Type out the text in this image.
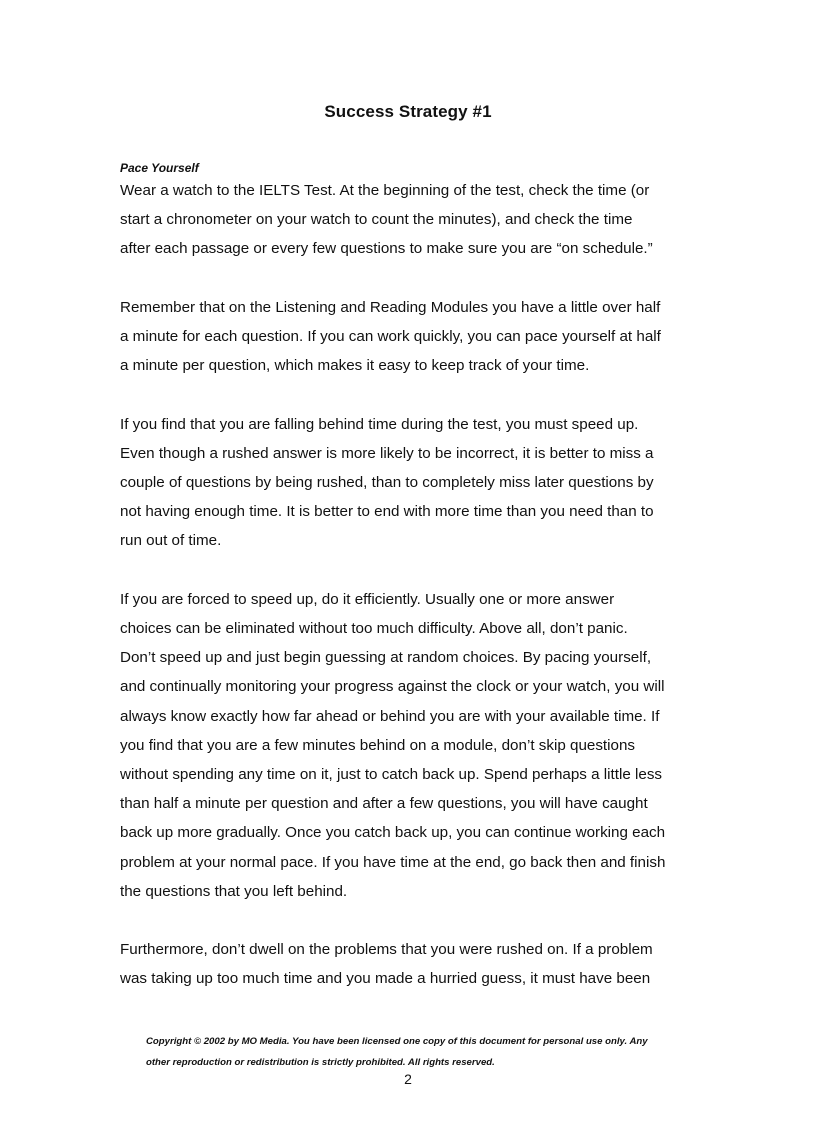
Success Strategy #1

Pace Yourself

Wear a watch to the IELTS Test. At the beginning of the test, check the time (or
start a chronometer on your watch to count the minutes), and check the time
after each passage or every few questions to make sure you are “on schedule.”

Remember that on the Listening and Reading Modules you have a little over half
a minute for each question. If you can work quickly, you can pace yourself at half
a minute per question, which makes it easy to keep track of your time.

If you find that you are falling behind time during the test, you must speed up.
Even though a rushed answer is more likely to be incorrect, it is better to miss a
couple of questions by being rushed, than to completely miss later questions by
not having enough time. It is better to end with more time than you need than to
run out of time.

If you are forced to speed up, do it efficiently. Usually one or more answer
choices can be eliminated without too much difficulty. Above all, don’t panic.
Don’t speed up and just begin guessing at random choices. By pacing yourself,
and continually monitoring your progress against the clock or your watch, you will
always know exactly how far ahead or behind you are with your available time. If
you find that you are a few minutes behind on a module, don’t skip questions
without spending any time on it, just to catch back up. Spend perhaps a little less
than half a minute per question and after a few questions, you will have caught
back up more gradually. Once you catch back up, you can continue working each
problem at your normal pace. If you have time at the end, go back then and finish
the questions that you left behind.

Furthermore, don’t dwell on the problems that you were rushed on. If a problem
was taking up too much time and you made a hurried guess, it must have been

Copyright © 2002 by MO Media. You have been licensed one copy of this document for personal use only. Any
other reproduction or redistribution is strictly prohibited. All rights reserved.
2
